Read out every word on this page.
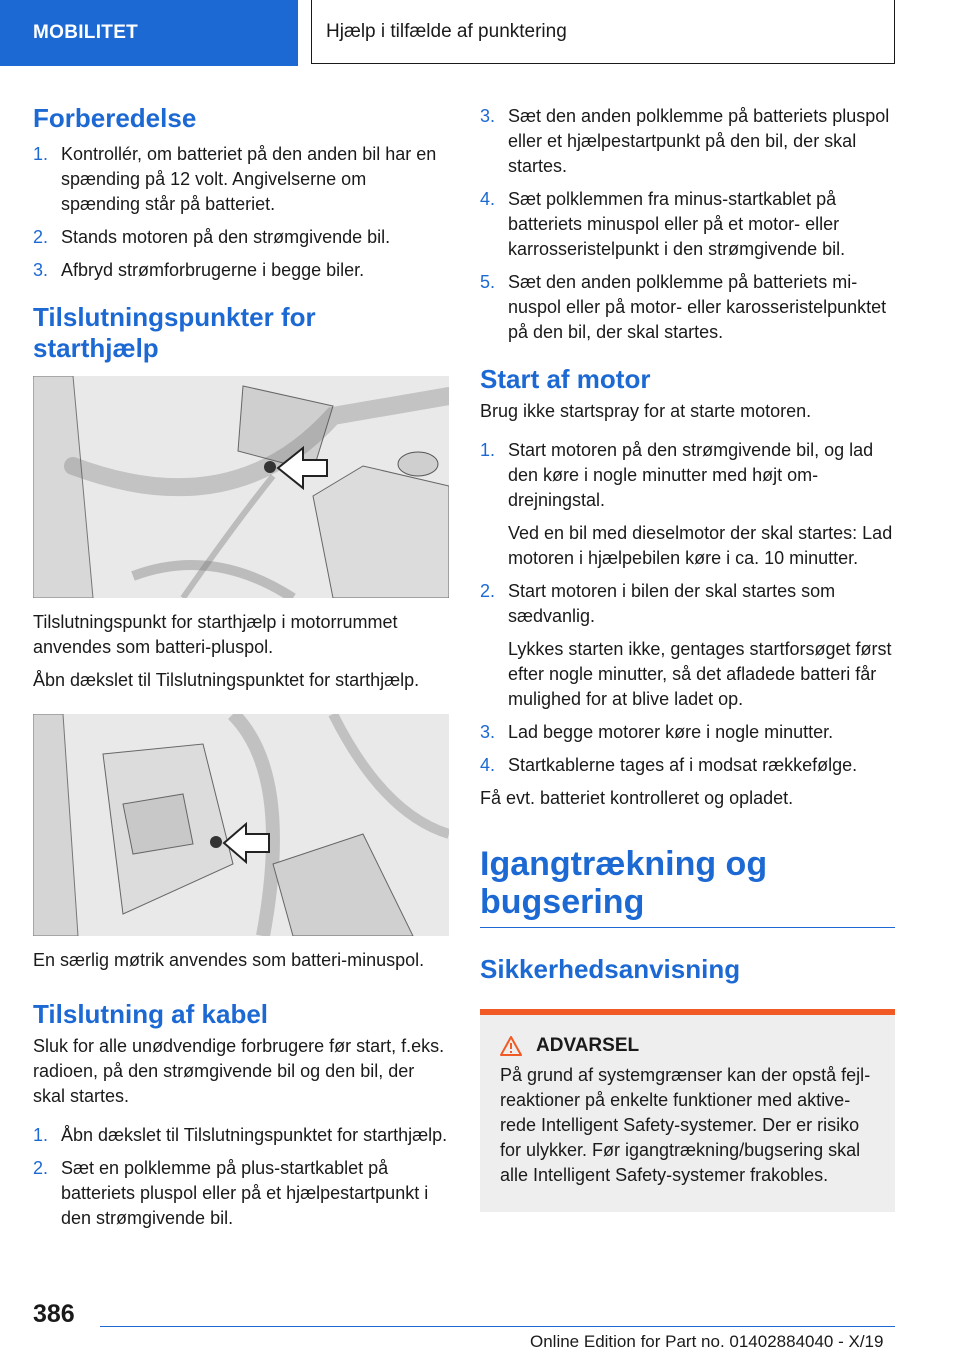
MOBILITET	Hjælp i tilfælde af punktering
Forberedelse
1. Kontrollér, om batteriet på den anden bil har en spænding på 12 volt. Angivelserne om spænding står på batteriet.
2. Stands motoren på den strømgivende bil.
3. Afbryd strømforbrugerne i begge biler.
Tilslutningspunkter for starthjælp

Tilslutningspunkt for starthjælp i motorrummet anvendes som batteri-pluspol.

Åbn dækslet til Tilslutningspunktet for starthjælp.

En særlig møtrik anvendes som batteri-minuspol.

Tilslutning af kabel

Sluk for alle unødvendige forbrugere før start, f.eks. radioen, på den strømgivende bil og den bil, der skal startes.

1. Åbn dækslet til Tilslutningspunktet for starthjælp.
2. Sæt en polklemme på plus-startkablet på batteriets pluspol eller på et hjælpestartpunkt i den strømgivende bil.
3. Sæt den anden polklemme på batteriets pluspol eller et hjælpestartpunkt på den bil, der skal startes.
4. Sæt polklemmen fra minus-startkablet på batteriets minuspol eller på et motor- eller karrosseristelpunkt i den strømgivende bil.
5. Sæt den anden polklemme på batteriets minuspol eller på motor- eller karosseristelpunktet på den bil, der skal startes.
Start af motor

Brug ikke startspray for at starte motoren.

1. Start motoren på den strømgivende bil, og lad den køre i nogle minutter med højt omdrejningstal.
Ved en bil med dieselmotor der skal startes: Lad motoren i hjælpebilen køre i ca. 10 minutter.
2. Start motoren i bilen der skal startes som sædvanlig.
Lykkes starten ikke, gentages startforsøget først efter nogle minutter, så det afladede batteri får mulighed for at blive ladet op.
3. Lad begge motorer køre i nogle minutter.
4. Startkablerne tages af i modsat rækkefølge.

Få evt. batteriet kontrolleret og opladet.

Igangtrækning og bugsering
Sikkerhedsanvisning
ADVARSEL

På grund af systemgrænser kan der opstå fejlreaktioner på enkelte funktioner med aktiverede Intelligent Safety-systemer. Der er risiko for ulykker. Før igangtrækning/bugsering skal alle Intelligent Safety-systemer frakobles.

386
Online Edition for Part no. 01402884040 - X/19
